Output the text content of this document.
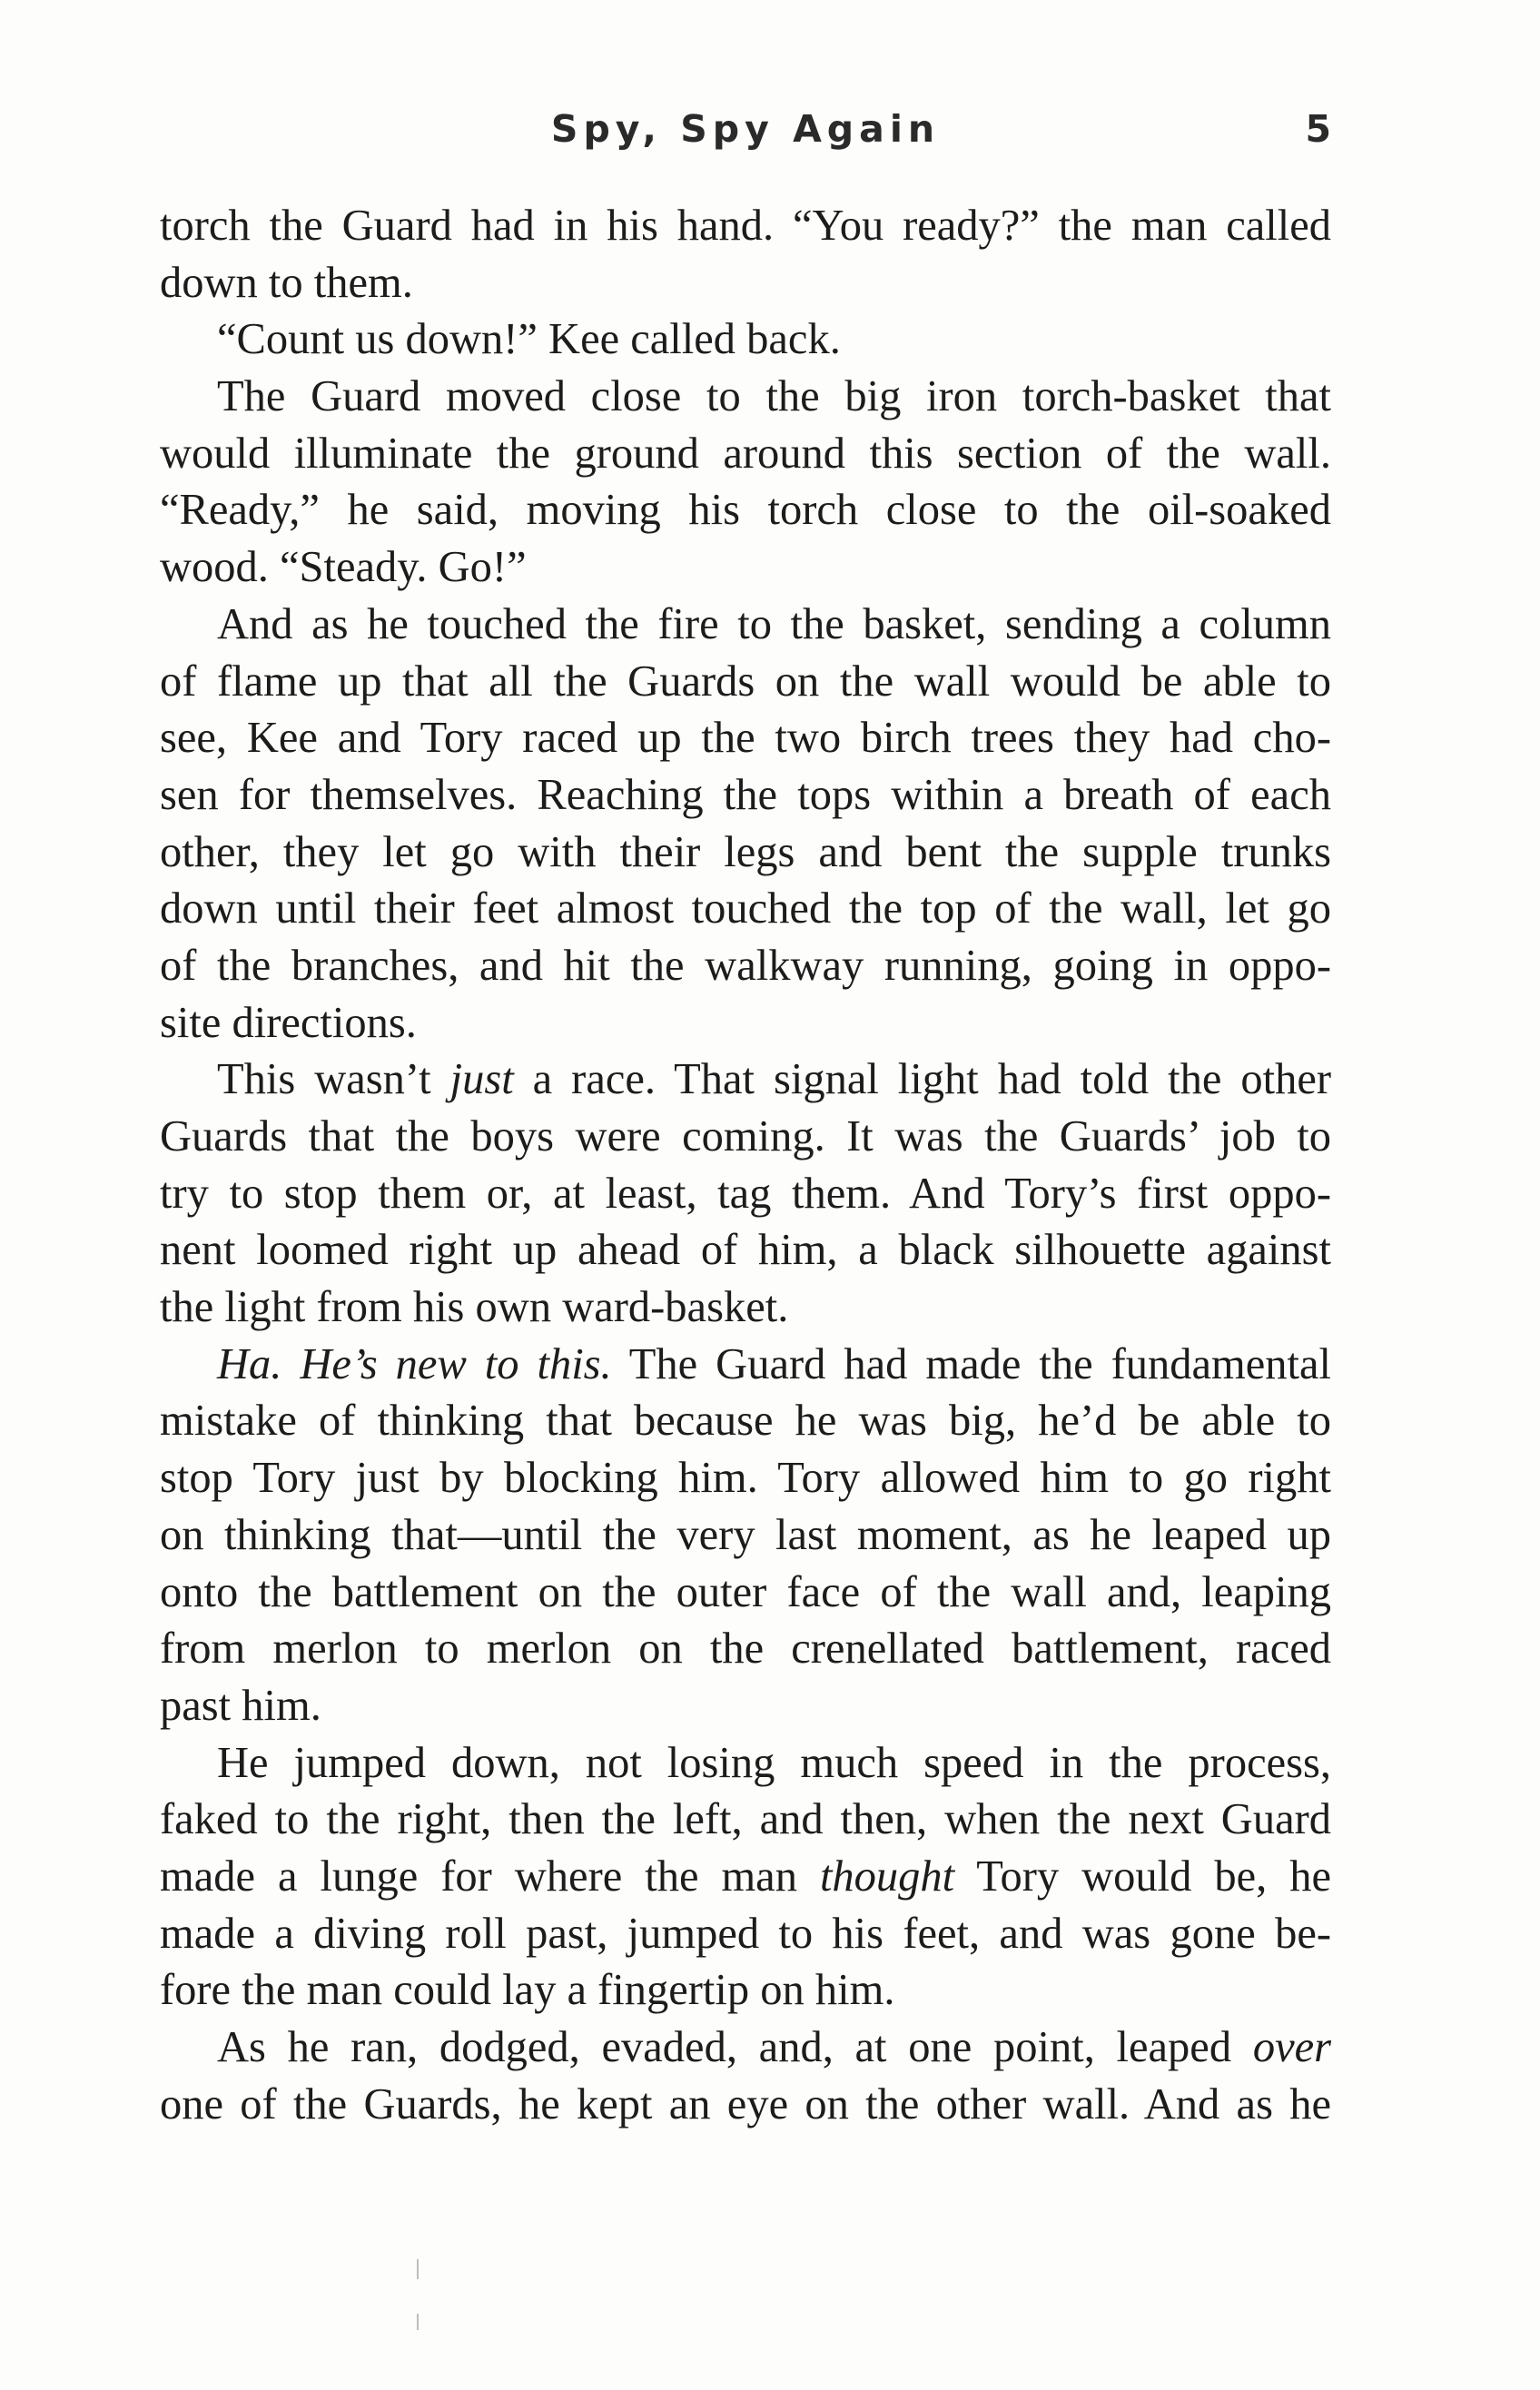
Spy, Spy Again	5
torch the Guard had in his hand. “You ready?” the man called
down to them.
“Count us down!” Kee called back.
The Guard moved close to the big iron torch-basket that
would illuminate the ground around this section of the wall.
“Ready,” he said, moving his torch close to the oil-soaked
wood. “Steady. Go!”
And as he touched the fire to the basket, sending a column
of flame up that all the Guards on the wall would be able to
see, Kee and Tory raced up the two birch trees they had cho-
sen for themselves. Reaching the tops within a breath of each
other, they let go with their legs and bent the supple trunks
down until their feet almost touched the top of the wall, let go
of the branches, and hit the walkway running, going in oppo-
site directions.
This wasn’t just a race. That signal light had told the other
Guards that the boys were coming. It was the Guards’ job to
try to stop them or, at least, tag them. And Tory’s first oppo-
nent loomed right up ahead of him, a black silhouette against
the light from his own ward-basket.
Ha. He’s new to this. The Guard had made the fundamental
mistake of thinking that because he was big, he’d be able to
stop Tory just by blocking him. Tory allowed him to go right
on thinking that—until the very last moment, as he leaped up
onto the battlement on the outer face of the wall and, leaping
from merlon to merlon on the crenellated battlement, raced
past him.
He jumped down, not losing much speed in the process,
faked to the right, then the left, and then, when the next Guard
made a lunge for where the man thought Tory would be, he
made a diving roll past, jumped to his feet, and was gone be-
fore the man could lay a fingertip on him.
As he ran, dodged, evaded, and, at one point, leaped over
one of the Guards, he kept an eye on the other wall. And as he
